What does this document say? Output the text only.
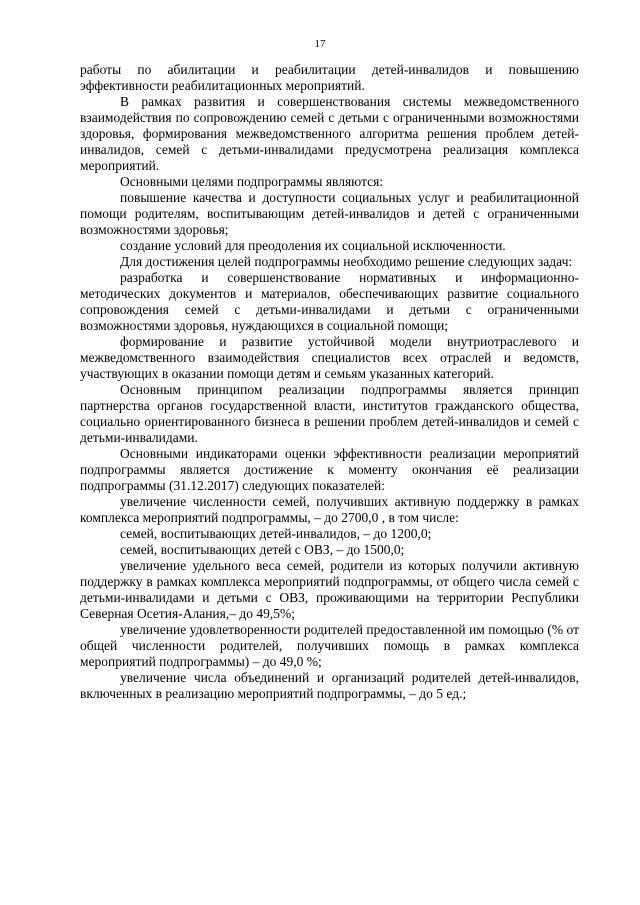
17

работы по абилитации и реабилитации детей-инвалидов и повышению эффективности реабилитационных мероприятий.

В рамках развития и совершенствования системы межведомственного взаимодействия по сопровождению семей с детьми с ограниченными возможностями здоровья, формирования межведомственного алгоритма решения проблем детей-инвалидов, семей с детьми-инвалидами предусмотрена реализация комплекса мероприятий.

Основными целями подпрограммы являются:

повышение качества и доступности социальных услуг и реабилитационной помощи родителям, воспитывающим детей-инвалидов и детей с ограниченными возможностями здоровья;

создание условий для преодоления их социальной исключенности.

Для достижения целей подпрограммы необходимо решение следующих задач:

разработка и совершенствование нормативных и информационно-методических документов и материалов, обеспечивающих развитие социального сопровождения семей с детьми-инвалидами и детьми с ограниченными возможностями здоровья, нуждающихся в социальной помощи;

формирование и развитие устойчивой модели внутриотраслевого и межведомственного взаимодействия специалистов всех отраслей и ведомств, участвующих в оказании помощи детям и семьям указанных категорий.

Основным принципом реализации подпрограммы является принцип партнерства органов государственной власти, институтов гражданского общества, социально ориентированного бизнеса в решении проблем детей-инвалидов и семей с детьми-инвалидами.

Основными индикаторами оценки эффективности реализации мероприятий подпрограммы является достижение к моменту окончания её реализации подпрограммы (31.12.2017) следующих показателей:

увеличение численности семей, получивших активную поддержку в рамках комплекса мероприятий подпрограммы, – до 2700,0 , в том числе:

семей, воспитывающих детей-инвалидов, – до 1200,0;

семей, воспитывающих детей с ОВЗ, – до 1500,0;

увеличение удельного веса семей, родители из которых получили активную поддержку в рамках комплекса мероприятий подпрограммы, от общего числа семей с детьми-инвалидами и детьми с ОВЗ, проживающими на территории Республики Северная Осетия-Алания,– до 49,5%;

увеличение удовлетворенности родителей предоставленной им помощью (% от общей численности родителей, получивших помощь в рамках комплекса мероприятий подпрограммы) – до 49,0 %;

увеличение числа объединений и организаций родителей детей-инвалидов, включенных в реализацию мероприятий подпрограммы, – до 5 ед.;
